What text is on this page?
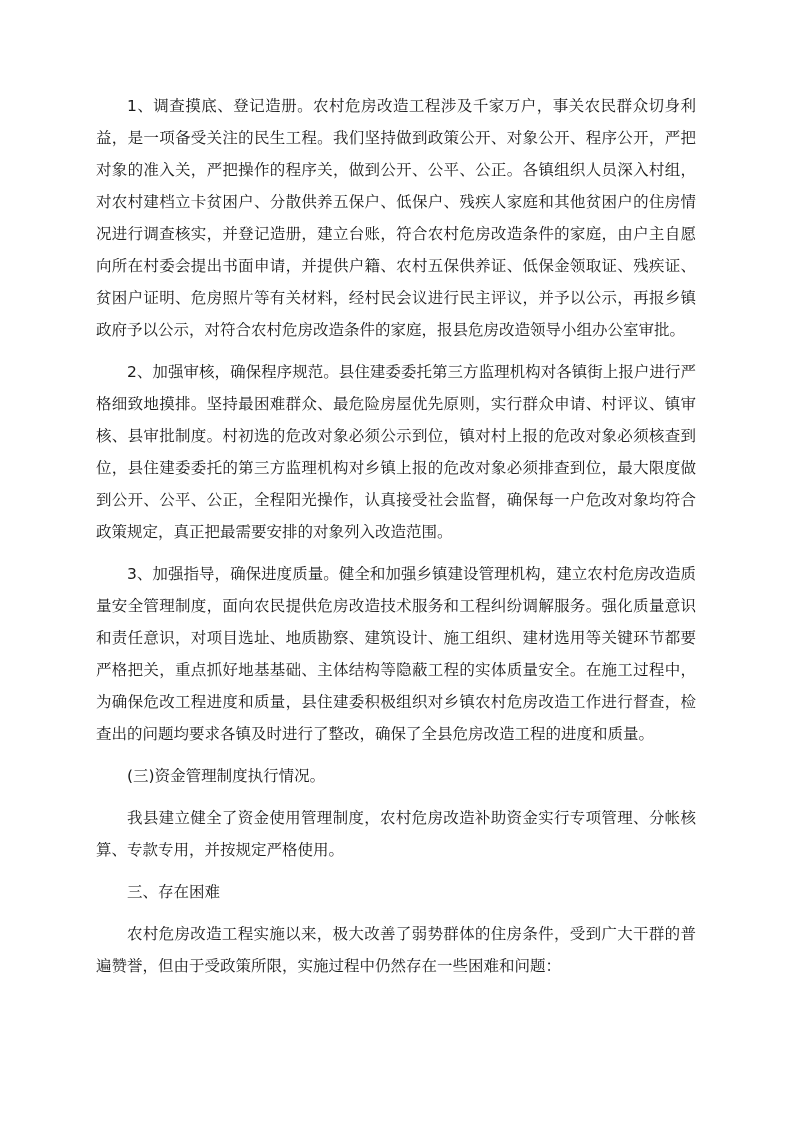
1、调查摸底、登记造册。农村危房改造工程涉及千家万户，事关农民群众切身利益，是一项备受关注的民生工程。我们坚持做到政策公开、对象公开、程序公开，严把对象的准入关，严把操作的程序关，做到公开、公平、公正。各镇组织人员深入村组，对农村建档立卡贫困户、分散供养五保户、低保户、残疾人家庭和其他贫困户的住房情况进行调查核实，并登记造册，建立台账，符合农村危房改造条件的家庭，由户主自愿向所在村委会提出书面申请，并提供户籍、农村五保供养证、低保金领取证、残疾证、贫困户证明、危房照片等有关材料，经村民会议进行民主评议，并予以公示，再报乡镇政府予以公示，对符合农村危房改造条件的家庭，报县危房改造领导小组办公室审批。

2、加强审核，确保程序规范。县住建委委托第三方监理机构对各镇街上报户进行严格细致地摸排。坚持最困难群众、最危险房屋优先原则，实行群众申请、村评议、镇审核、县审批制度。村初选的危改对象必须公示到位，镇对村上报的危改对象必须核查到位，县住建委委托的第三方监理机构对乡镇上报的危改对象必须排查到位，最大限度做到公开、公平、公正，全程阳光操作，认真接受社会监督，确保每一户危改对象均符合政策规定，真正把最需要安排的对象列入改造范围。

3、加强指导，确保进度质量。健全和加强乡镇建设管理机构，建立农村危房改造质量安全管理制度，面向农民提供危房改造技术服务和工程纠纷调解服务。强化质量意识和责任意识，对项目选址、地质勘察、建筑设计、施工组织、建材选用等关键环节都要严格把关，重点抓好地基基础、主体结构等隐蔽工程的实体质量安全。在施工过程中，为确保危改工程进度和质量，县住建委积极组织对乡镇农村危房改造工作进行督查，检查出的问题均要求各镇及时进行了整改，确保了全县危房改造工程的进度和质量。

(三)资金管理制度执行情况。

我县建立健全了资金使用管理制度，农村危房改造补助资金实行专项管理、分帐核算、专款专用，并按规定严格使用。

三、存在困难

农村危房改造工程实施以来，极大改善了弱势群体的住房条件，受到广大干群的普遍赞誉，但由于受政策所限，实施过程中仍然存在一些困难和问题：
